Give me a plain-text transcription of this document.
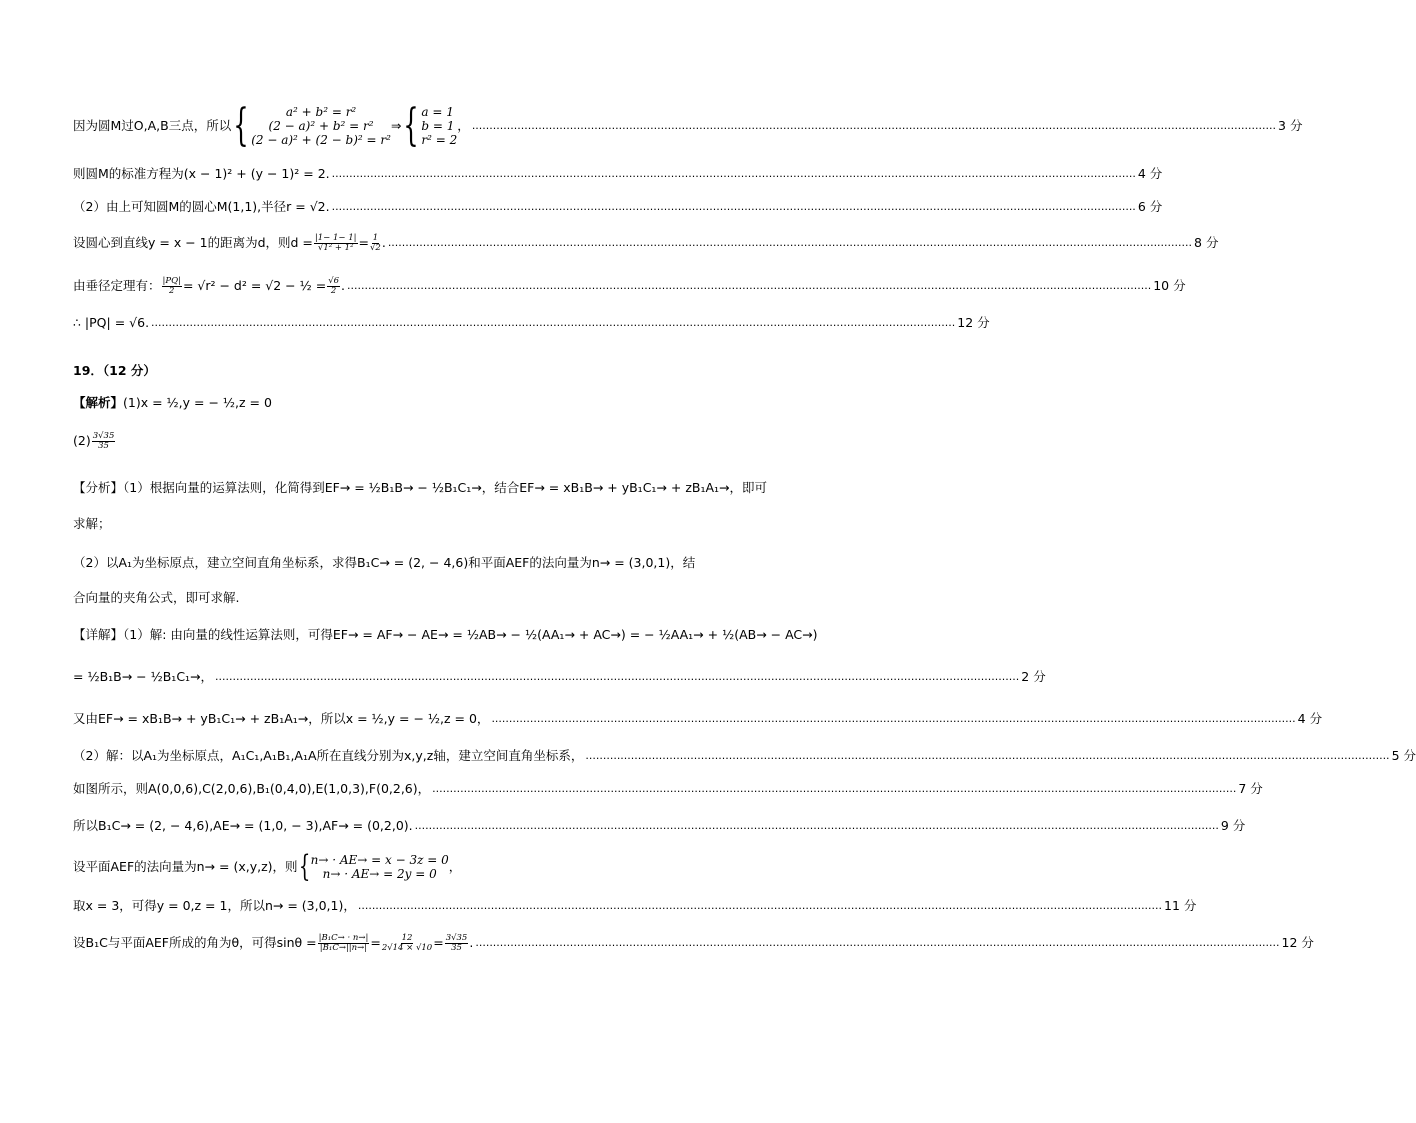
因为圆M过O,A,B三点，所以 {	a² + b² = r²
(2 − a)² + b² = r²
(2 − a)² + (2 − b)² = r²
⇒ { a = 1
b = 1
r² = 2
， ...................................................................................................................................................................................................................................... 3 分
则圆M的标准方程为(x − 1)² + (y − 1)² = 2. ...................................................................................................................................................................................................................................... 4 分
（2）由上可知圆M的圆心M(1,1),半径r = √2. ...................................................................................................................................................................................................................................... 6 分
设圆心到直线y = x − 1的距离为d，则$d = \frac{|1- 1- 1|}{\text{√1² + 1²}} = \frac{1}{√2}$ . ...................................................................................................................................................................................................................................... 8 分
由垂径定理有： $\frac{|PQ|}{2} = √r^2 - d^2 = √2$ − ½ = $\frac{√6}{2}$ . ...................................................................................................................................................................................................................................... 10 分
∴ |PQ| = √6. ...................................................................................................................................................................................................................................... 12 分
19．（12 分）
【解析】 (1)x = ½,y = − ½,z = 0
$(2) \frac{3√35}{35}$
【分析】（1）根据向量的运算法则，化简得到EF→ = ½B₁B→ − ½B₁C₁→，结合EF→ = xB₁B→ + yB₁C₁→ + zB₁A₁→，即可
求解；
（2）以A₁为坐标原点，建立空间直角坐标系，求得B₁C→ = (2, − 4,6)和平面AEF的法向量为n→ = (3,0,1)，结
合向量的夹角公式，即可求解.
【详解】（1）解: 由向量的线性运算法则，可得EF→ = AF→ − AE→ = ½AB→ − ½(AA₁→ + AC→) = − ½AA₁→ + ½(AB→ − AC→)
= ½B₁B→ − ½B₁C₁→， ...................................................................................................................................................................................................................................... 2 分
又由EF→ = xB₁B→ + yB₁C₁→ + zB₁A₁→，所以x = ½,y = − ½,z = 0， ...................................................................................................................................................................................................................................... 4 分
（2）解：以A₁为坐标原点，A₁C₁,A₁B₁,A₁A所在直线分别为x,y,z轴，建立空间直角坐标系， ...................................................................................................................................................................................................................................... 5 分
如图所示，则A(0,0,6),C(2,0,6),B₁(0,4,0),E(1,0,3),F(0,2,6)， ...................................................................................................................................................................................................................................... 7 分
所以B₁C→ = (2, − 4,6),AE→ = (1,0, − 3),AF→ = (0,2,0). ...................................................................................................................................................................................................................................... 9 分
设平面AEF的法向量为n→ = (x,y,z)，则 { n→ · AE→ = x − 3z = 0
n→ · AE→ = 2y = 0 ，
取x = 3，可得y = 0,z = 1，所以n→ = (3,0,1)， ...................................................................................................................................................................................................................................... 11 分
设B₁C与平面AEF所成的角为θ，可得$\sin\theta = \frac{\text{|B₁C→ · n→|}}{\text{|B₁C→||n→|}} = \frac{12}{2√14 \times √10} = \frac{3√35}{35}$ . ...................................................................................................................................................................................................................................... 12 分
